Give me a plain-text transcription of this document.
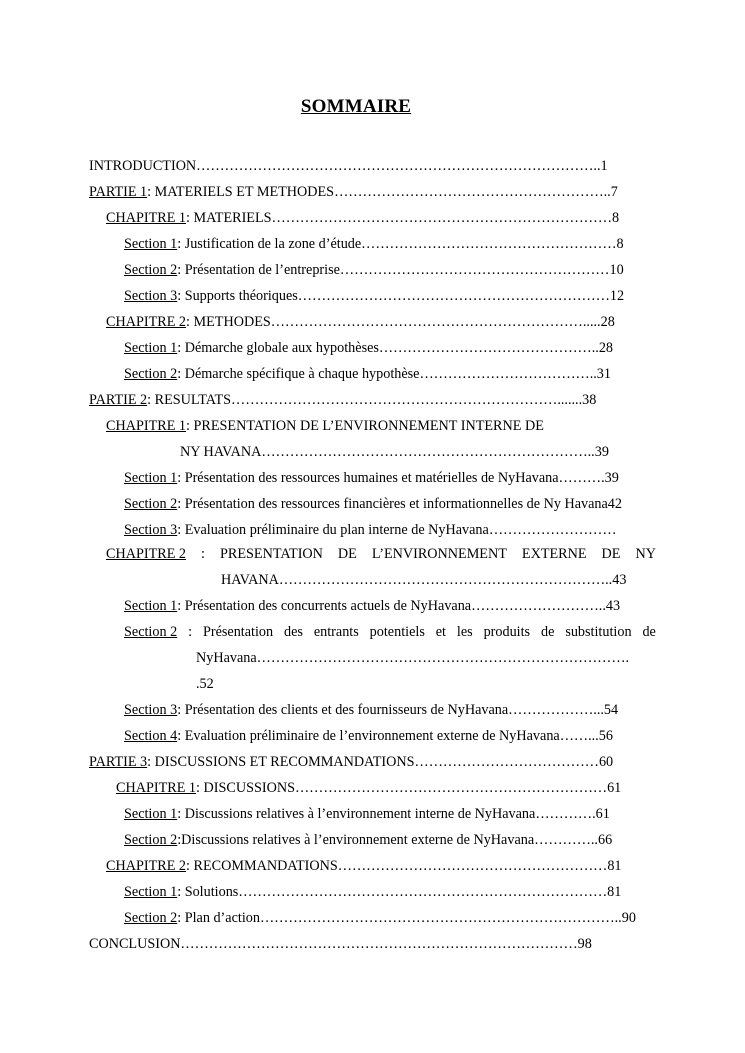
SOMMAIRE
INTRODUCTION…………………………………………………………………………..1
PARTIE 1: MATERIELS ET METHODES…………………………………………………..7
CHAPITRE 1: MATERIELS………………………………………………………………8
Section 1: Justification de la zone d’étude………………………………………………8
Section 2: Présentation de l’entreprise…………………………………………………10
Section 3: Supports théoriques…………………………………………………………12
CHAPITRE 2: METHODES………………………………………………………….....28
Section 1: Démarche globale aux hypothèses………………………………………..28
Section 2: Démarche spécifique à chaque hypothèse………………………………..31
PARTIE 2: RESULTATS…………………………………………………………….......38
CHAPITRE 1: PRESENTATION DE L’ENVIRONNEMENT INTERNE DE
NY HAVANA……………………………………………………………..39
Section 1: Présentation des ressources humaines et matérielles de NyHavana……….39
Section 2: Présentation des ressources financières et informationnelles de Ny Havana42
Section 3: Evaluation préliminaire du plan interne de NyHavana………………………
CHAPITRE 2 : PRESENTATION DE L’ENVIRONNEMENT EXTERNE DE NY
HAVANA……………………………………………………………..43
Section 1: Présentation des concurrents actuels de NyHavana………………………..43
Section 2 : Présentation des entrants potentiels et les produits de substitution de
NyHavana…………………………………………………………………….
.52
Section 3: Présentation des clients et des fournisseurs de NyHavana………………...54
Section 4: Evaluation préliminaire de l’environnement externe de NyHavana……...56
PARTIE 3: DISCUSSIONS ET RECOMMANDATIONS…………………………………60
CHAPITRE 1: DISCUSSIONS…………………………………………………………61
Section 1: Discussions relatives à l’environnement interne de NyHavana………….61
Section 2:Discussions relatives à l’environnement externe de NyHavana…………..66
CHAPITRE 2: RECOMMANDATIONS…………………………………………………81
Section 1: Solutions……………………………………………………………………81
Section 2: Plan d’action…………………………………………………………………..90
CONCLUSION…………………………………………………………………………98
